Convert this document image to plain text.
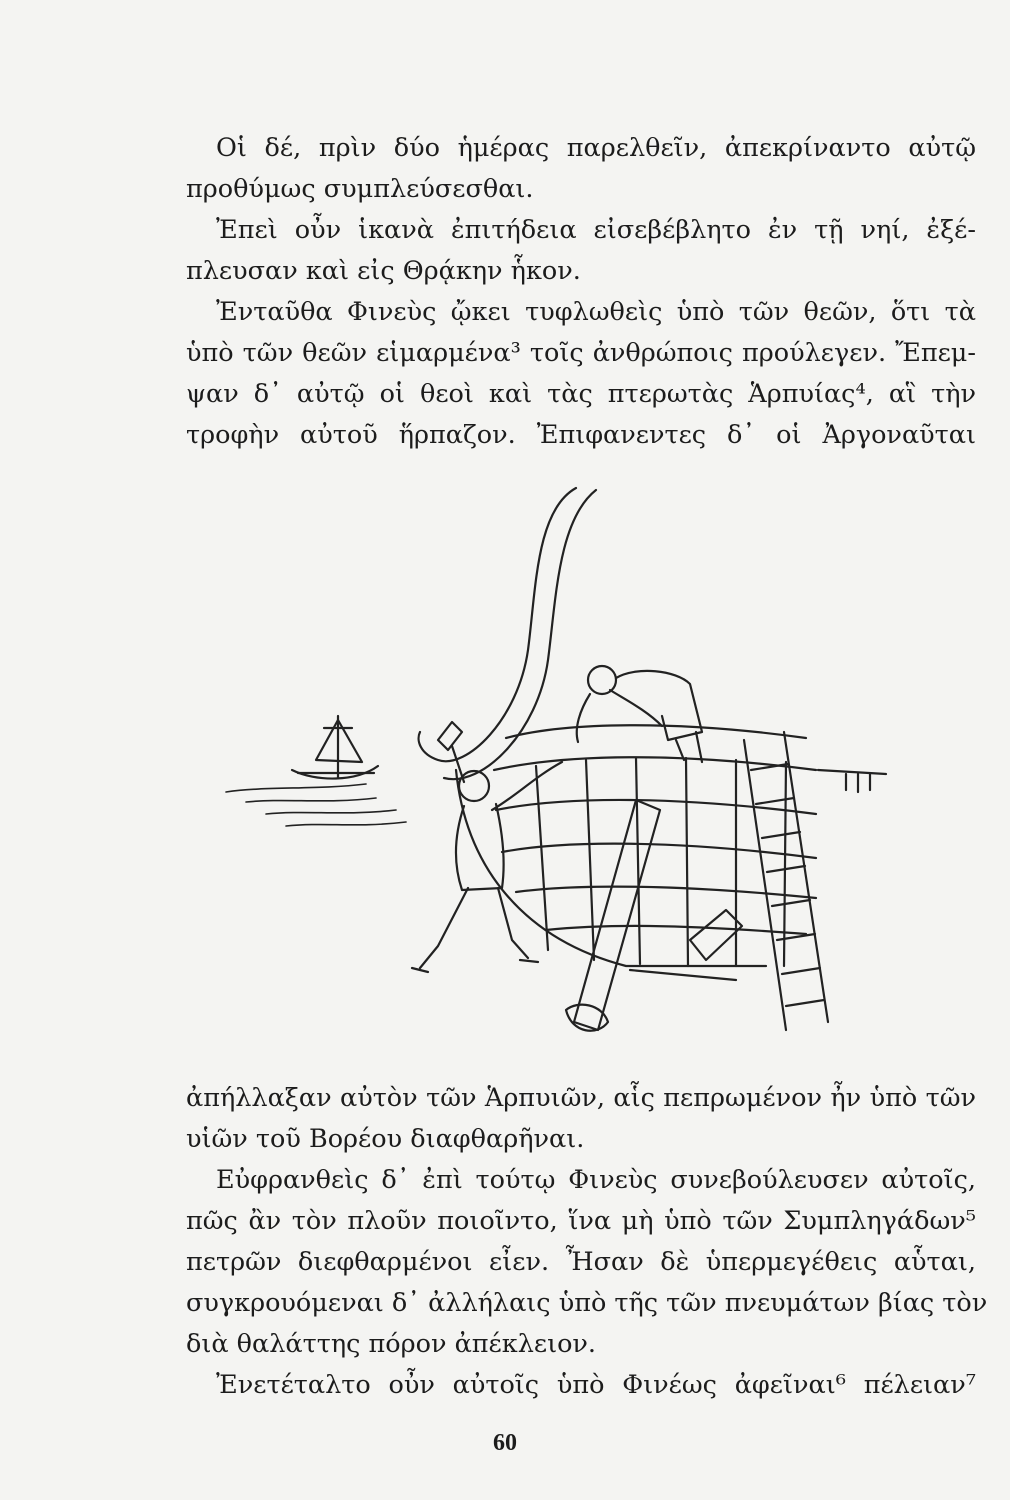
Οἱ δέ, πρὶν δύο ἡμέρας παρελθεῖν, ἀπεκρίναντο αὐτῷ
προθύμως συμπλεύσεσθαι.
Ἐπεὶ οὖν ἱκανὰ ἐπιτήδεια εἰσεβέβλητο ἐν τῇ νηί, ἐξέ-
πλευσαν καὶ εἰς Θρᾴκην ἧκον.
Ἐνταῦθα Φινεὺς ᾤκει τυφλωθεὶς ὑπὸ τῶν θεῶν, ὅτι τὰ
ὑπὸ τῶν θεῶν εἱμαρμένα³ τοῖς ἀνθρώποις προύλεγεν. Ἔπεμ-
ψαν δ᾿ αὐτῷ οἱ θεοὶ καὶ τὰς πτερωτὰς Ἁρπυίας⁴, αἳ τὴν
τροφὴν αὐτοῦ ἥρπαζον. Ἐπιφανεντες δ᾿ οἱ Ἀργοναῦται
ἀπήλλαξαν αὐτὸν τῶν Ἁρπυιῶν, αἷς πεπρωμένον ἦν ὑπὸ τῶν
υἱῶν τοῦ Βορέου διαφθαρῆναι.
Εὐφρανθεὶς δ᾿ ἐπὶ τούτῳ Φινεὺς συνεβούλευσεν αὐτοῖς,
πῶς ἂν τὸν πλοῦν ποιοῖντο, ἵνα μὴ ὑπὸ τῶν Συμπληγάδων⁵
πετρῶν διεφθαρμένοι εἶεν. Ἦσαν δὲ ὑπερμεγέθεις αὗται,
συγκρουόμεναι δ᾿ ἀλλήλαις ὑπὸ τῆς τῶν πνευμάτων βίας τὸν
διὰ θαλάττης πόρον ἀπέκλειον.
Ἐνετέταλτο οὖν αὐτοῖς ὑπὸ Φινέως ἀφεῖναι⁶ πέλειαν⁷
60
